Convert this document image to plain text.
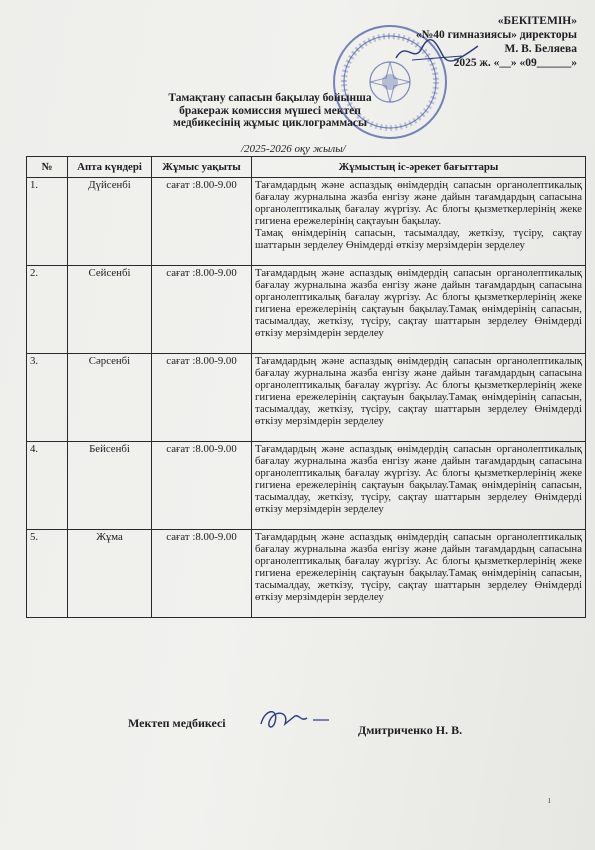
«БЕКІТЕМІН»
«№40 гимназиясы» директоры
М. В. Беляева
2025 ж. «__» «09______»
Тамақтану сапасын бақылау бойынша
бракераж комиссия мүшесі мектеп
медбикесінің жұмыс циклограммасы
/2025-2026 оқу жылы/
№	Апта күндері	Жұмыс уақыты	Жұмыстың іс-әрекет бағыттары
1.	Дүйсенбі	сағат :8.00-9.00	Тағамдардың және аспаздық өнімдердің сапасын органолептикалық бағалау журналына жазба енгізу және дайын тағамдардың сапасына органолептикалық бағалау жүргізу. Ас блогы қызметкерлерінің жеке гигиена ережелерінің сақтауын бақылау.
Тамақ өнімдерінің сапасын, тасымалдау, жеткізу, түсіру, сақтау шаттарын зерделеу Өнімдерді өткізу мерзімдерін зерделеу

2.	Сейсенбі	сағат :8.00-9.00	Тағамдардың және аспаздық өнімдердің сапасын органолептикалық бағалау журналына жазба енгізу және дайын тағамдардың сапасына органолептикалық бағалау жүргізу. Ас блогы қызметкерлерінің жеке гигиена ережелерінің сақтауын бақылау.Тамақ өнімдерінің сапасын, тасымалдау, жеткізу, түсіру, сақтау шаттарын зерделеу Өнімдерді өткізу мерзімдерін зерделеу
3.	Сәрсенбі	сағат :8.00-9.00	Тағамдардың және аспаздық өнімдердің сапасын органолептикалық бағалау журналына жазба енгізу және дайын тағамдардың сапасына органолептикалық бағалау жүргізу. Ас блогы қызметкерлерінің жеке гигиена ережелерінің сақтауын бақылау.Тамақ өнімдерінің сапасын, тасымалдау, жеткізу, түсіру, сақтау шаттарын зерделеу Өнімдерді өткізу мерзімдерін зерделеу
4.	Бейсенбі	сағат :8.00-9.00	Тағамдардың және аспаздық өнімдердің сапасын органолептикалық бағалау журналына жазба енгізу және дайын тағамдардың сапасына органолептикалық бағалау жүргізу. Ас блогы қызметкерлерінің жеке гигиена ережелерінің сақтауын бақылау.Тамақ өнімдерінің сапасын, тасымалдау, жеткізу, түсіру, сақтау шаттарын зерделеу Өнімдерді өткізу мерзімдерін зерделеу
5.	Жұма	сағат :8.00-9.00	Тағамдардың және аспаздық өнімдердің сапасын органолептикалық бағалау журналына жазба енгізу және дайын тағамдардың сапасына органолептикалық бағалау жүргізу. Ас блогы қызметкерлерінің жеке гигиена ережелерінің сақтауын бақылау.Тамақ өнімдерінің сапасын, тасымалдау, жеткізу, түсіру, сақтау шаттарын зерделеу Өнімдерді өткізу мерзімдерін зерделеу
Мектеп медбикесі	Дмитриченко Н. В.
ı
